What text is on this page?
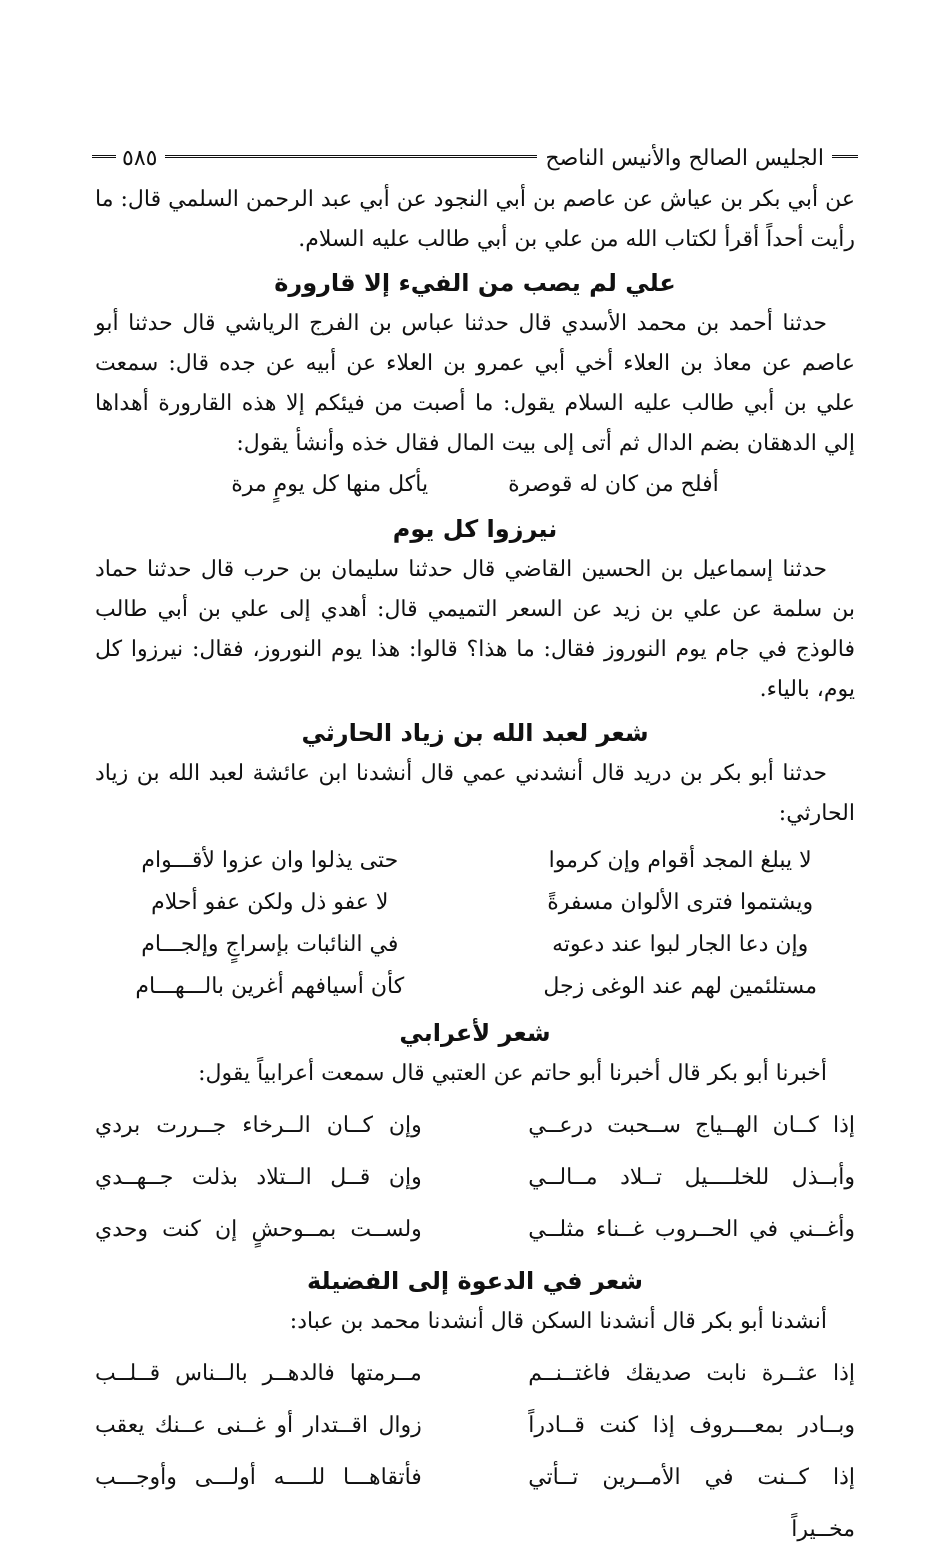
الجليس الصالح والأنيس الناصح
٥٨٥

عن أبي بكر بن عياش عن عاصم بن أبي النجود عن أبي عبد الرحمن السلمي قال: ما رأيت أحداً أقرأ لكتاب الله من علي بن أبي طالب عليه السلام.

علي لم يصب من الفيء إلا قارورة

حدثنا أحمد بن محمد الأسدي قال حدثنا عباس بن الفرج الرياشي قال حدثنا أبو عاصم عن معاذ بن العلاء أخي أبي عمرو بن العلاء عن أبيه عن جده قال: سمعت علي بن أبي طالب عليه السلام يقول: ما أصبت من فيئكم إلا هذه القارورة أهداها إلي الدهقان بضم الدال ثم أتى إلى بيت المال فقال خذه وأنشأ يقول:

أفلح من كان له قوصرة
يأكل منها كل يومٍ مرة
نيرزوا كل يوم

حدثنا إسماعيل بن الحسين القاضي قال حدثنا سليمان بن حرب قال حدثنا حماد بن سلمة عن علي بن زيد عن السعر التميمي قال: أهدي إلى علي بن أبي طالب فالوذج في جام يوم النوروز فقال: ما هذا؟ قالوا: هذا يوم النوروز، فقال: نيرزوا كل يوم، بالياء.

شعر لعبد الله بن زياد الحارثي

حدثنا أبو بكر بن دريد قال أنشدني عمي قال أنشدنا ابن عائشة لعبد الله بن زياد الحارثي:

لا يبلغ المجد أقوام وإن كرموا
حتى يذلوا وان عزوا لأقـــوام
ويشتموا فترى الألوان مسفرةً
لا عفو ذل ولكن عفو أحلام
وإن دعا الجار لبوا عند دعوته
في النائبات بإسراجٍ وإلجـــام
مستلئمين لهم عند الوغى زجل
كأن أسيافهم أغرين بالـــهـــام
شعر لأعرابي

أخبرنا أبو بكر قال أخبرنا أبو حاتم عن العتبي قال سمعت أعرابياً يقول:

إذا كــان الهــياج ســحبت درعــي
وإن كــان الــرخاء جــررت بردي
وأبــذل للخلــــيل تــلاد مــالــي
وإن قــل الــتلاد بذلت جــهــدي
وأغــني في الحــروب غــناء مثلــي
ولســت بمــوحشٍ إن كنت وحدي
شعر في الدعوة إلى الفضيلة

أنشدنا أبو بكر قال أنشدنا السكن قال أنشدنا محمد بن عباد:

إذا عثــرة نابت صديقك فاغتــنــم
مــرمتها فالدهــر بالــناس قــلــب
وبــادر بمعـــروف إذا كنت قــادراً
زوال اقــتدار أو غــنى عــنك يعقب
إذا كــنت في الأمــرين تــأتي مخــيراً
فأتقاهـــا للــــه أولـــى وأوجـــب
